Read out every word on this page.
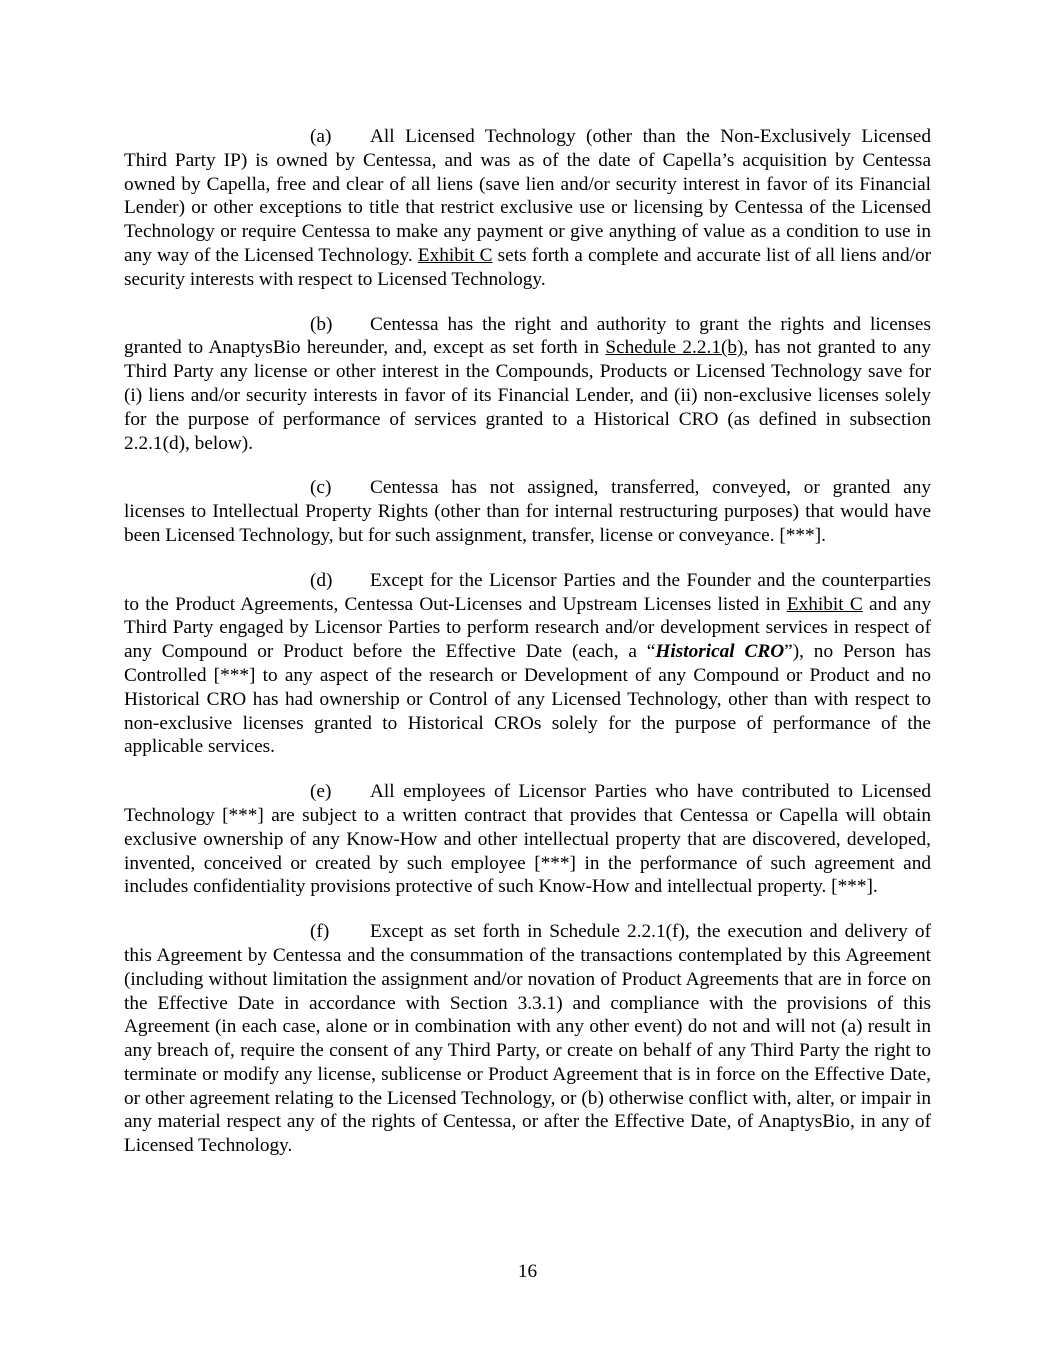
(a) All Licensed Technology (other than the Non-Exclusively Licensed Third Party IP) is owned by Centessa, and was as of the date of Capella’s acquisition by Centessa owned by Capella, free and clear of all liens (save lien and/or security interest in favor of its Financial Lender) or other exceptions to title that restrict exclusive use or licensing by Centessa of the Licensed Technology or require Centessa to make any payment or give anything of value as a condition to use in any way of the Licensed Technology. Exhibit C sets forth a complete and accurate list of all liens and/or security interests with respect to Licensed Technology.

(b) Centessa has the right and authority to grant the rights and licenses granted to AnaptysBio hereunder, and, except as set forth in Schedule 2.2.1(b), has not granted to any Third Party any license or other interest in the Compounds, Products or Licensed Technology save for (i) liens and/or security interests in favor of its Financial Lender, and (ii) non-exclusive licenses solely for the purpose of performance of services granted to a Historical CRO (as defined in subsection 2.2.1(d), below).

(c) Centessa has not assigned, transferred, conveyed, or granted any licenses to Intellectual Property Rights (other than for internal restructuring purposes) that would have been Licensed Technology, but for such assignment, transfer, license or conveyance. [***].

(d) Except for the Licensor Parties and the Founder and the counterparties to the Product Agreements, Centessa Out-Licenses and Upstream Licenses listed in Exhibit C and any Third Party engaged by Licensor Parties to perform research and/or development services in respect of any Compound or Product before the Effective Date (each, a “Historical CRO”), no Person has Controlled [***] to any aspect of the research or Development of any Compound or Product and no Historical CRO has had ownership or Control of any Licensed Technology, other than with respect to non-exclusive licenses granted to Historical CROs solely for the purpose of performance of the applicable services.

(e) All employees of Licensor Parties who have contributed to Licensed Technology [***] are subject to a written contract that provides that Centessa or Capella will obtain exclusive ownership of any Know-How and other intellectual property that are discovered, developed, invented, conceived or created by such employee [***] in the performance of such agreement and includes confidentiality provisions protective of such Know-How and intellectual property. [***].

(f) Except as set forth in Schedule 2.2.1(f), the execution and delivery of this Agreement by Centessa and the consummation of the transactions contemplated by this Agreement (including without limitation the assignment and/or novation of Product Agreements that are in force on the Effective Date in accordance with Section 3.3.1) and compliance with the provisions of this Agreement (in each case, alone or in combination with any other event) do not and will not (a) result in any breach of, require the consent of any Third Party, or create on behalf of any Third Party the right to terminate or modify any license, sublicense or Product Agreement that is in force on the Effective Date, or other agreement relating to the Licensed Technology, or (b) otherwise conflict with, alter, or impair in any material respect any of the rights of Centessa, or after the Effective Date, of AnaptysBio, in any of Licensed Technology.

16
